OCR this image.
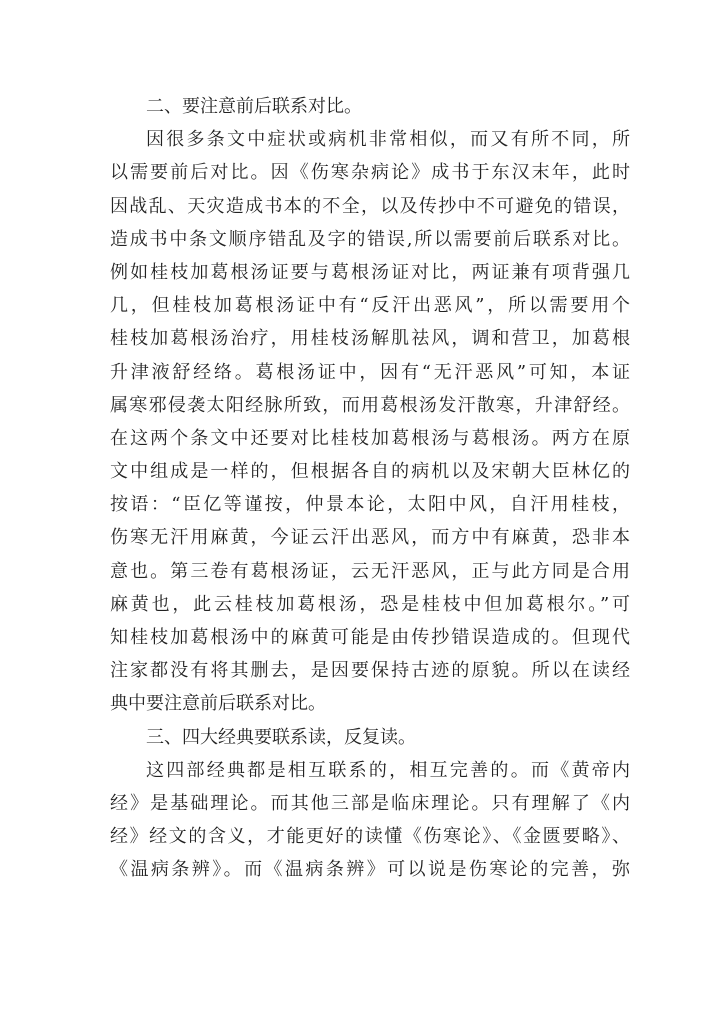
二、要注意前后联系对比。
因很多条文中症状或病机非常相似，而又有所不同，所
以需要前后对比。因《伤寒杂病论》成书于东汉末年，此时
因战乱、天灾造成书本的不全，以及传抄中不可避免的错误，
造成书中条文顺序错乱及字的错误,所以需要前后联系对比。
例如桂枝加葛根汤证要与葛根汤证对比，两证兼有项背强几
几，但桂枝加葛根汤证中有“反汗出恶风”，所以需要用个
桂枝加葛根汤治疗，用桂枝汤解肌祛风，调和营卫，加葛根
升津液舒经络。葛根汤证中，因有“无汗恶风”可知，本证
属寒邪侵袭太阳经脉所致，而用葛根汤发汗散寒，升津舒经。
在这两个条文中还要对比桂枝加葛根汤与葛根汤。两方在原
文中组成是一样的，但根据各自的病机以及宋朝大臣林亿的
按语：“臣亿等谨按，仲景本论，太阳中风，自汗用桂枝，
伤寒无汗用麻黄，今证云汗出恶风，而方中有麻黄，恐非本
意也。第三卷有葛根汤证，云无汗恶风，正与此方同是合用
麻黄也，此云桂枝加葛根汤，恐是桂枝中但加葛根尔。”可
知桂枝加葛根汤中的麻黄可能是由传抄错误造成的。但现代
注家都没有将其删去，是因要保持古迹的原貌。所以在读经
典中要注意前后联系对比。
三、四大经典要联系读，反复读。
这四部经典都是相互联系的，相互完善的。而《黄帝内
经》是基础理论。而其他三部是临床理论。只有理解了《内
经》经文的含义，才能更好的读懂《伤寒论》、《金匮要略》、
《温病条辨》。而《温病条辨》可以说是伤寒论的完善，弥
